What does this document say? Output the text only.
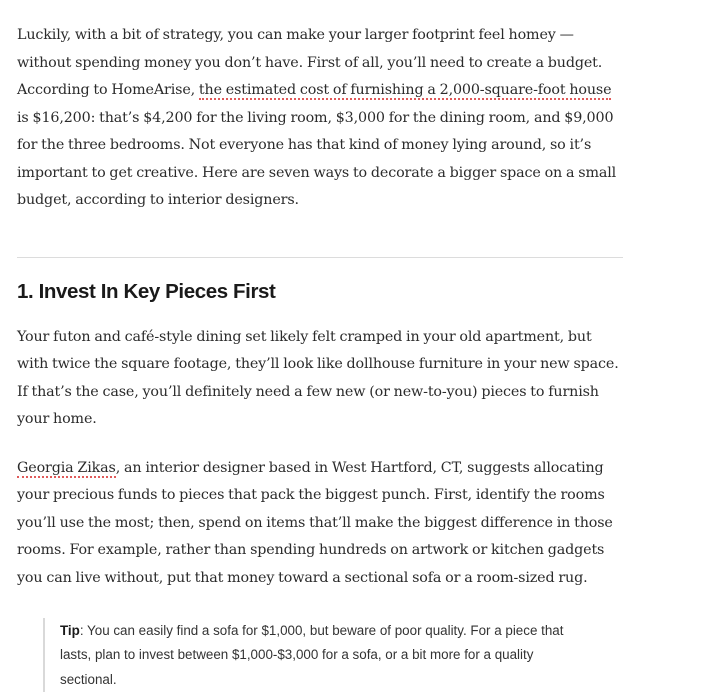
Luckily, with a bit of strategy, you can make your larger footprint feel homey — without spending money you don’t have. First of all, you’ll need to create a budget. According to HomeArise, the estimated cost of furnishing a 2,000-square-foot house is $16,200: that’s $4,200 for the living room, $3,000 for the dining room, and $9,000 for the three bedrooms. Not everyone has that kind of money lying around, so it’s important to get creative. Here are seven ways to decorate a bigger space on a small budget, according to interior designers.

1. Invest In Key Pieces First

Your futon and café-style dining set likely felt cramped in your old apartment, but with twice the square footage, they’ll look like dollhouse furniture in your new space. If that’s the case, you’ll definitely need a few new (or new-to-you) pieces to furnish your home.

Georgia Zikas, an interior designer based in West Hartford, CT, suggests allocating your precious funds to pieces that pack the biggest punch. First, identify the rooms you’ll use the most; then, spend on items that’ll make the biggest difference in those rooms. For example, rather than spending hundreds on artwork or kitchen gadgets you can live without, put that money toward a sectional sofa or a room-sized rug.

Tip: You can easily find a sofa for $1,000, but beware of poor quality. For a piece that lasts, plan to invest between $1,000-$3,000 for a sofa, or a bit more for a quality sectional.
